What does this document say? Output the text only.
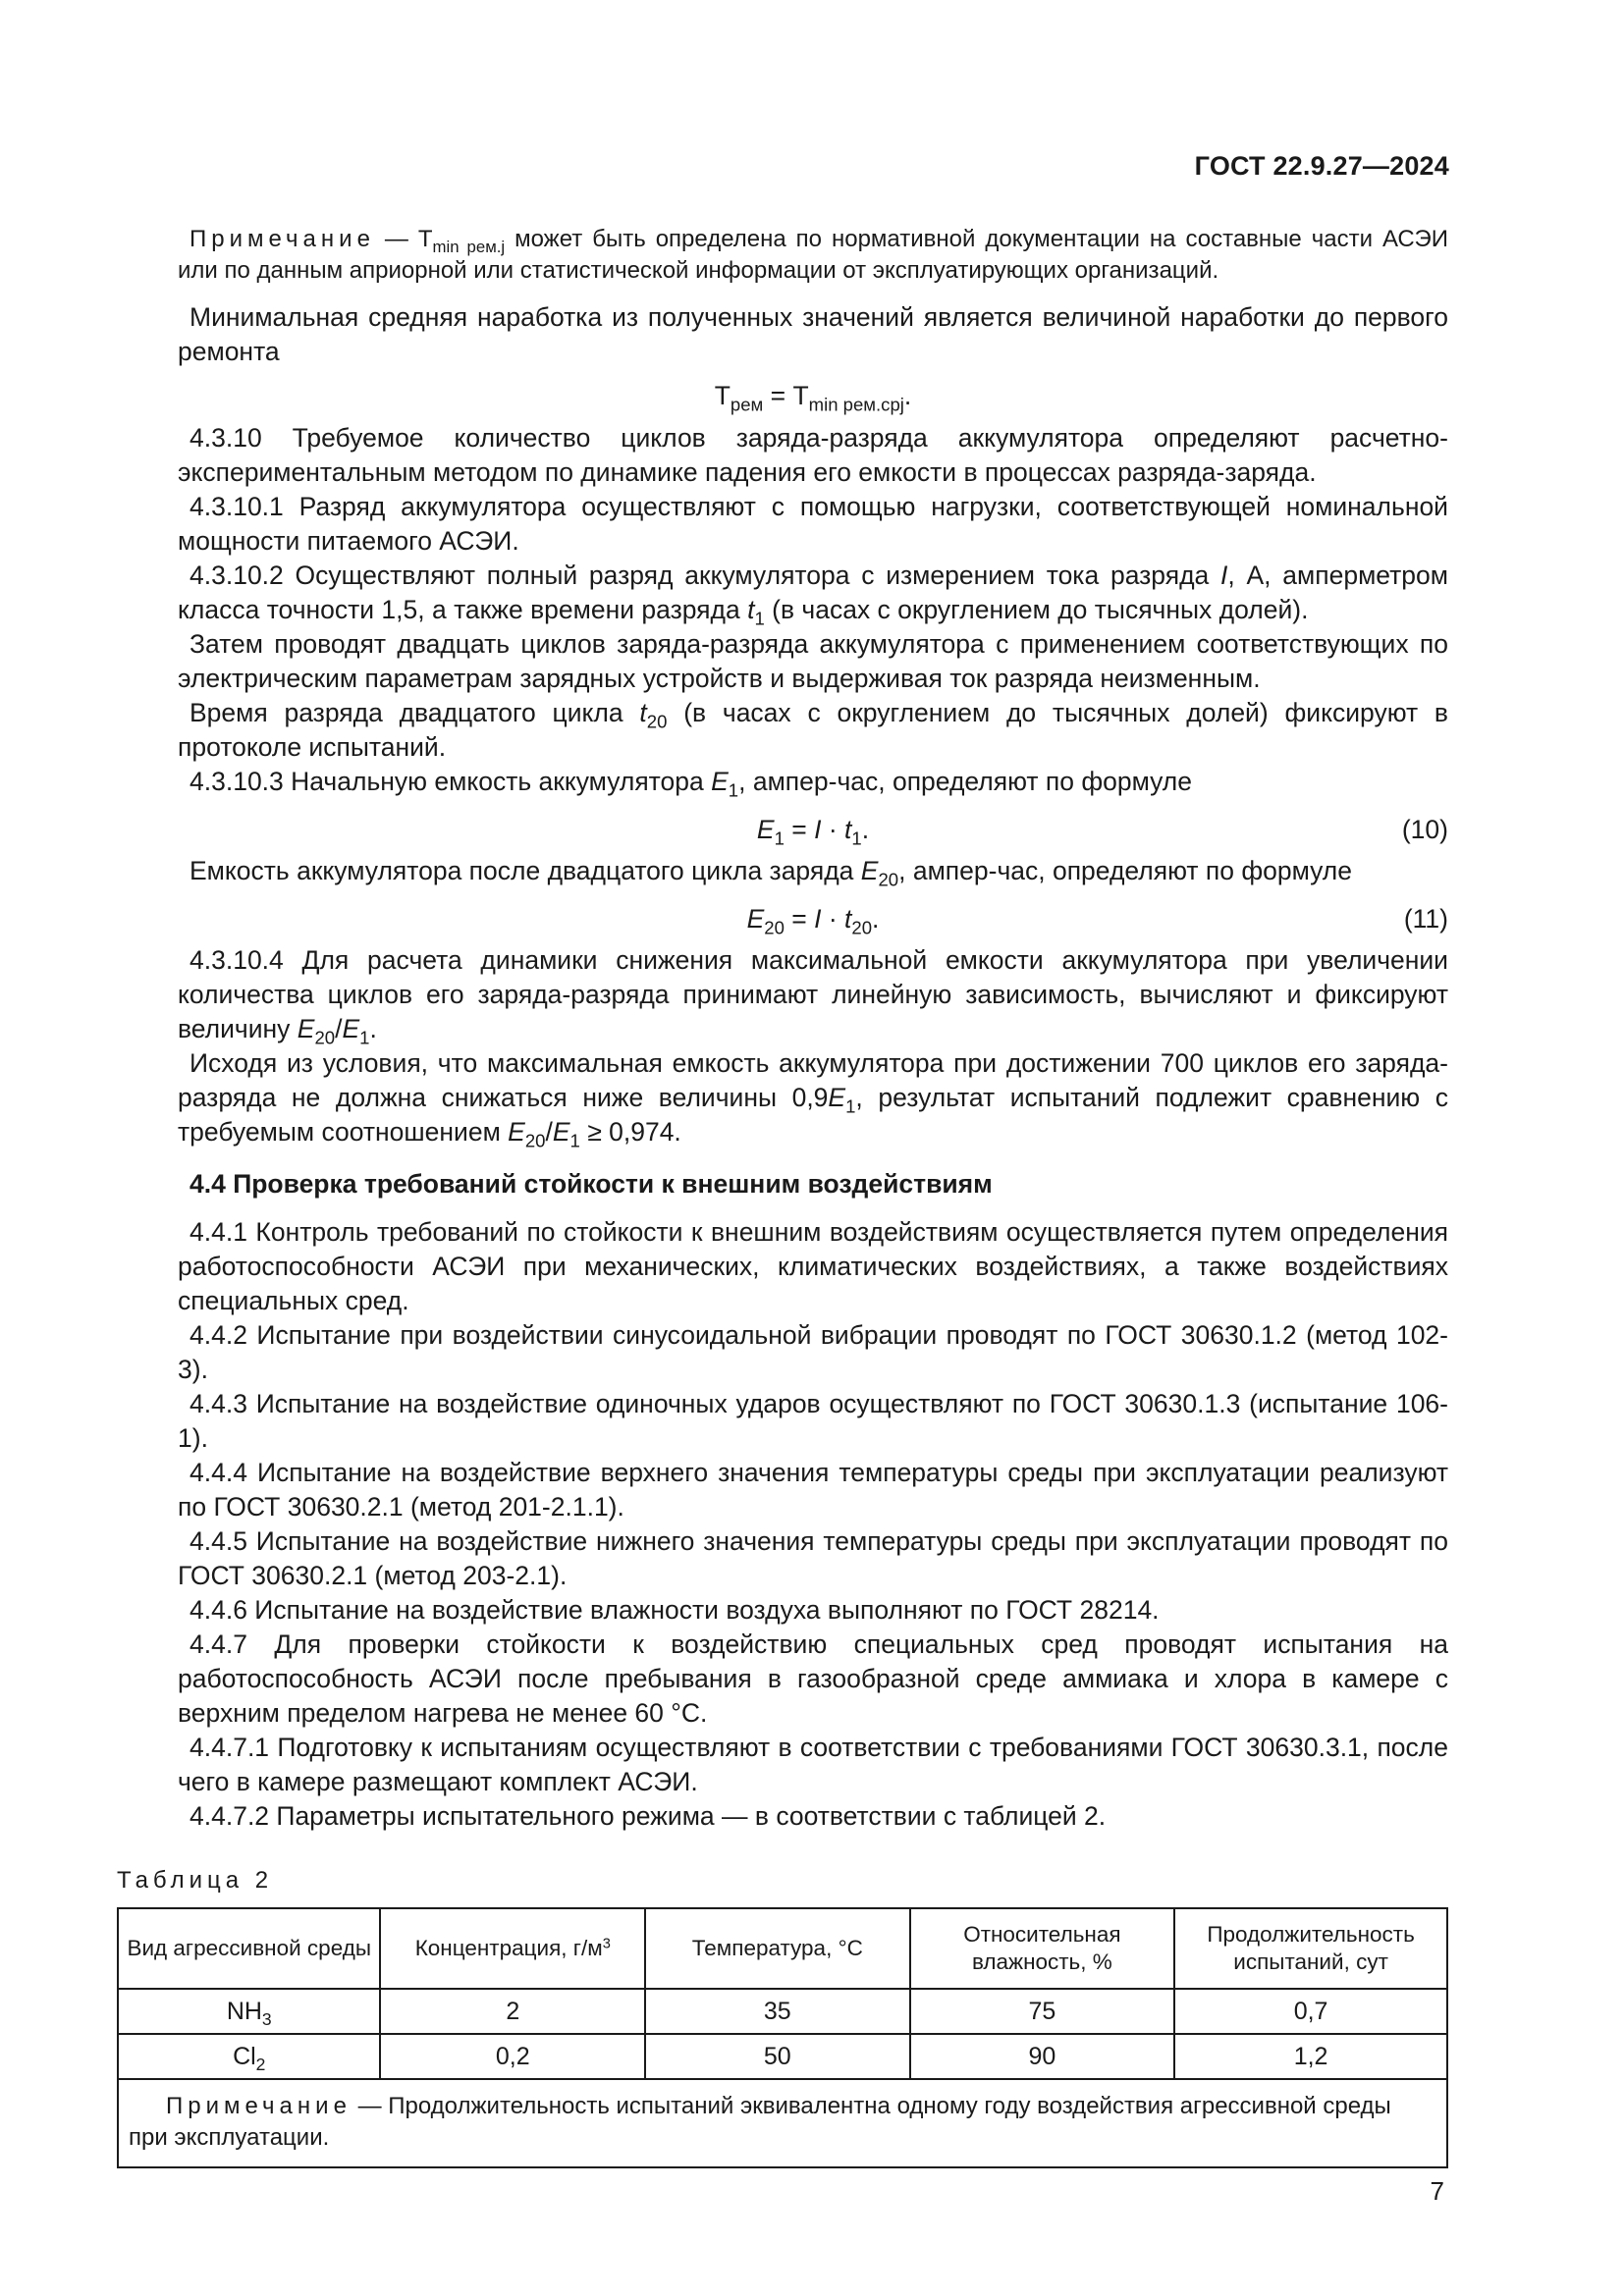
ГОСТ 22.9.27—2024

Примечание — $T_{min рем.j}$ может быть определена по нормативной документации на составные части АСЭИ или по данным априорной или статистической информации от эксплуатирующих организаций.

Минимальная средняя наработка из полученных значений является величиной наработки до первого ремонта

$T_{рем} = T_{min рем.срj}$.

4.3.10 Требуемое количество циклов заряда-разряда аккумулятора определяют расчетно-экспериментальным методом по динамике падения его емкости в процессах разряда-заряда.

4.3.10.1 Разряд аккумулятора осуществляют с помощью нагрузки, соответствующей номинальной мощности питаемого АСЭИ.

4.3.10.2 Осуществляют полный разряд аккумулятора с измерением тока разряда I, А, амперметром класса точности 1,5, а также времени разряда $t_1$ (в часах с округлением до тысячных долей).

Затем проводят двадцать циклов заряда-разряда аккумулятора с применением соответствующих по электрическим параметрам зарядных устройств и выдерживая ток разряда неизменным.

Время разряда двадцатого цикла $t_{20}$ (в часах с округлением до тысячных долей) фиксируют в протоколе испытаний.

4.3.10.3 Начальную емкость аккумулятора $E_1$, ампер-час, определяют по формуле

$E_1 = I \cdot t_1$.	(10)

Емкость аккумулятора после двадцатого цикла заряда $E_{20}$, ампер-час, определяют по формуле

$E_{20} = I \cdot t_{20}$.	(11)

4.3.10.4 Для расчета динамики снижения максимальной емкости аккумулятора при увеличении количества циклов его заряда-разряда принимают линейную зависимость, вычисляют и фиксируют величину $E_{20}/E_1$.

Исходя из условия, что максимальная емкость аккумулятора при достижении 700 циклов его заряда-разряда не должна снижаться ниже величины $0,9E_1$, результат испытаний подлежит сравнению с требуемым соотношением $E_{20}/E_1 \ge 0,974$.

4.4 Проверка требований стойкости к внешним воздействиям

4.4.1 Контроль требований по стойкости к внешним воздействиям осуществляется путем определения работоспособности АСЭИ при механических, климатических воздействиях, а также воздействиях специальных сред.

4.4.2 Испытание при воздействии синусоидальной вибрации проводят по ГОСТ 30630.1.2 (метод 102-3).

4.4.3 Испытание на воздействие одиночных ударов осуществляют по ГОСТ 30630.1.3 (испытание 106-1).

4.4.4 Испытание на воздействие верхнего значения температуры среды при эксплуатации реализуют по ГОСТ 30630.2.1 (метод 201-2.1.1).

4.4.5 Испытание на воздействие нижнего значения температуры среды при эксплуатации проводят по ГОСТ 30630.2.1 (метод 203-2.1).

4.4.6 Испытание на воздействие влажности воздуха выполняют по ГОСТ 28214.

4.4.7 Для проверки стойкости к воздействию специальных сред проводят испытания на работоспособность АСЭИ после пребывания в газообразной среде аммиака и хлора в камере с верхним пределом нагрева не менее 60 °С.

4.4.7.1 Подготовку к испытаниям осуществляют в соответствии с требованиями ГОСТ 30630.3.1, после чего в камере размещают комплект АСЭИ.

4.4.7.2 Параметры испытательного режима — в соответствии с таблицей 2.

Таблица 2
Вид агрессивной среды	Концентрация, $г/м^3$	Температура, °С	Относительная влажность, %	Продолжительность испытаний, сут
$NH_3$	2	35	75	0,7
$Cl_2$	0,2	50	90	1,2
Примечание — Продолжительность испытаний эквивалентна одному году воздействия агрессивной среды при эксплуатации.				
7
